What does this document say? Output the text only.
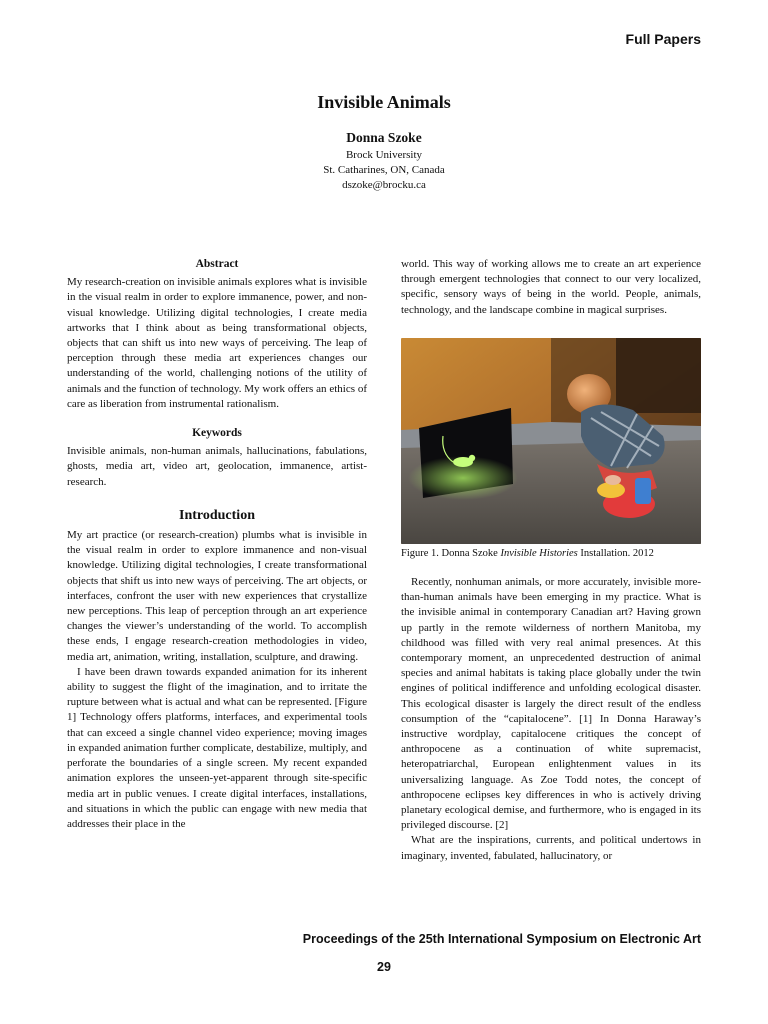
Full Papers
Invisible Animals
Donna Szoke
Brock University
St. Catharines, ON, Canada
dszoke@brocku.ca
Abstract

My research-creation on invisible animals explores what is invisible in the visual realm in order to explore immanence, power, and non-visual knowledge. Utilizing digital technologies, I create media artworks that I think about as being transformational objects, objects that can shift us into new ways of perceiving. The leap of perception through these media art experiences changes our understanding of the world, challenging notions of the utility of animals and the function of technology. My work offers an ethics of care as liberation from instrumental rationalism.

Keywords

Invisible animals, non-human animals, hallucinations, fabulations, ghosts, media art, video art, geolocation, immanence, artist-research.

Introduction

My art practice (or research-creation) plumbs what is invisible in the visual realm in order to explore immanence and non-visual knowledge. Utilizing digital technologies, I create transformational objects that shift us into new ways of perceiving. The art objects, or interfaces, confront the user with new experiences that crystallize new perceptions. This leap of perception through an art experience changes the viewer’s understanding of the world. To accomplish these ends, I engage research-creation methodologies in video, media art, animation, writing, installation, sculpture, and drawing.

I have been drawn towards expanded animation for its inherent ability to suggest the flight of the imagination, and to irritate the rupture between what is actual and what can be represented. [Figure 1] Technology offers platforms, interfaces, and experimental tools that can exceed a single channel video experience; moving images in expanded animation further complicate, destabilize, multiply, and perforate the boundaries of a single screen. My recent expanded animation explores the unseen-yet-apparent through site-specific media art in public venues. I create digital interfaces, installations, and situations in which the public can engage with new media that addresses their place in the

world. This way of working allows me to create an art experience through emergent technologies that connect to our very localized, specific, sensory ways of being in the world. People, animals, technology, and the landscape combine in magical surprises.

Figure 1. Donna Szoke Invisible Histories Installation. 2012

Recently, nonhuman animals, or more accurately, invisible more-than-human animals have been emerging in my practice. What is the invisible animal in contemporary Canadian art? Having grown up partly in the remote wilderness of northern Manitoba, my childhood was filled with very real animal presences. At this contemporary moment, an unprecedented destruction of animal species and animal habitats is taking place globally under the twin engines of political indifference and unfolding ecological disaster. This ecological disaster is largely the direct result of the endless consumption of the “capitalocene”. [1] In Donna Haraway’s instructive wordplay, capitalocene critiques the concept of anthropocene as a continuation of white supremacist, heteropatriarchal, European enlightenment values in its universalizing language. As Zoe Todd notes, the concept of anthropocene eclipses key differences in who is actively driving planetary ecological demise, and furthermore, who is engaged in its privileged discourse. [2]

What are the inspirations, currents, and political undertows in imaginary, invented, fabulated, hallucinatory, or

Proceedings of the 25th International Symposium on Electronic Art
29
